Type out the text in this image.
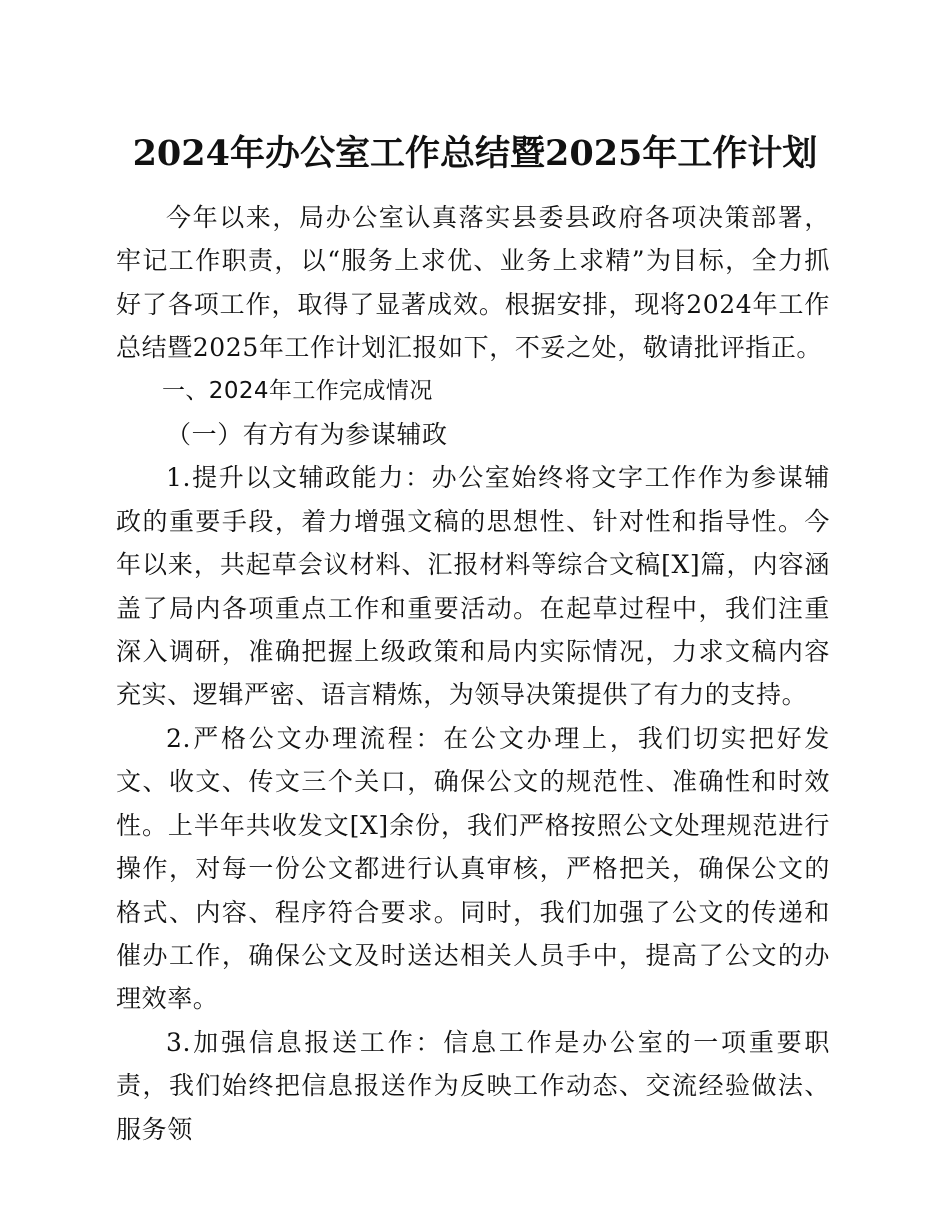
2024年办公室工作总结暨2025年工作计划

今年以来，局办公室认真落实县委县政府各项决策部署，牢记工作职责，以“服务上求优、业务上求精”为目标，全力抓好了各项工作，取得了显著成效。根据安排，现将2024年工作总结暨2025年工作计划汇报如下，不妥之处，敬请批评指正。

一、2024年工作完成情况

（一）有方有为参谋辅政

1.提升以文辅政能力：办公室始终将文字工作作为参谋辅政的重要手段，着力增强文稿的思想性、针对性和指导性。今年以来，共起草会议材料、汇报材料等综合文稿[X]篇，内容涵盖了局内各项重点工作和重要活动。在起草过程中，我们注重深入调研，准确把握上级政策和局内实际情况，力求文稿内容充实、逻辑严密、语言精炼，为领导决策提供了有力的支持。

2.严格公文办理流程：在公文办理上，我们切实把好发文、收文、传文三个关口，确保公文的规范性、准确性和时效性。上半年共收发文[X]余份，我们严格按照公文处理规范进行操作，对每一份公文都进行认真审核，严格把关，确保公文的格式、内容、程序符合要求。同时，我们加强了公文的传递和催办工作，确保公文及时送达相关人员手中，提高了公文的办理效率。

3.加强信息报送工作：信息工作是办公室的一项重要职责，我们始终把信息报送作为反映工作动态、交流经验做法、服务领
